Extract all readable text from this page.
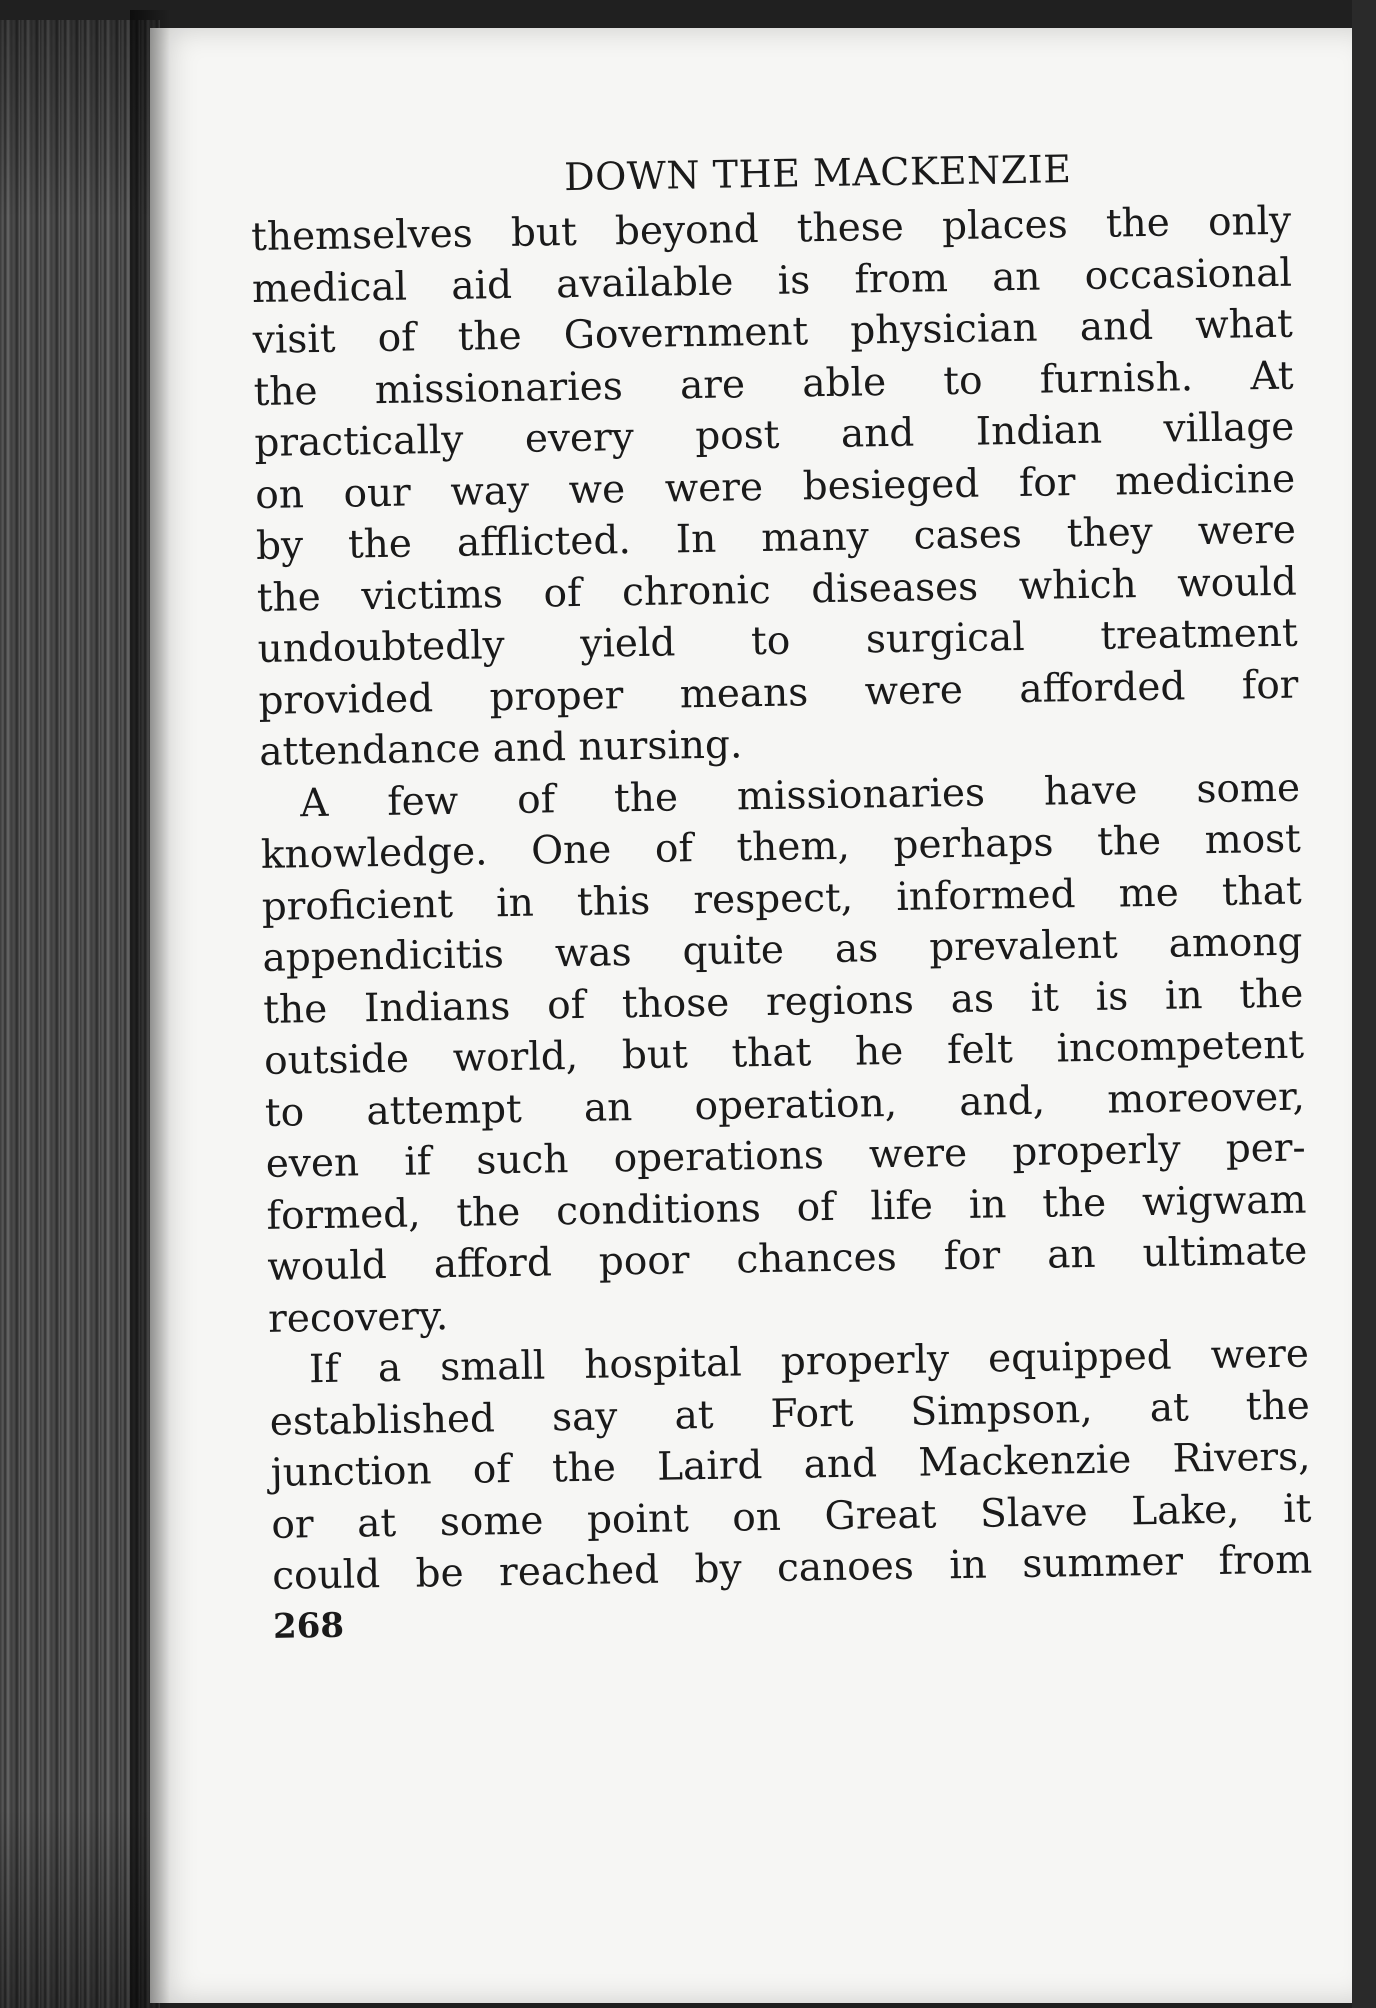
DOWN THE MACKENZIE

themselves but beyond these places the only
medical aid available is from an occasional
visit of the Government physician and what
the missionaries are able to furnish. At
practically every post and Indian village
on our way we were besieged for medicine
by the afflicted. In many cases they were
the victims of chronic diseases which would
undoubtedly yield to surgical treatment
provided proper means were afforded for
attendance and nursing.

A few of the missionaries have some
knowledge. One of them, perhaps the most
proficient in this respect, informed me that
appendicitis was quite as prevalent among
the Indians of those regions as it is in the
outside world, but that he felt incompetent
to attempt an operation, and, moreover,
even if such operations were properly per-
formed, the conditions of life in the wigwam
would afford poor chances for an ultimate
recovery.

If a small hospital properly equipped were
established say at Fort Simpson, at the
junction of the Laird and Mackenzie Rivers,
or at some point on Great Slave Lake, it
could be reached by canoes in summer from

268
